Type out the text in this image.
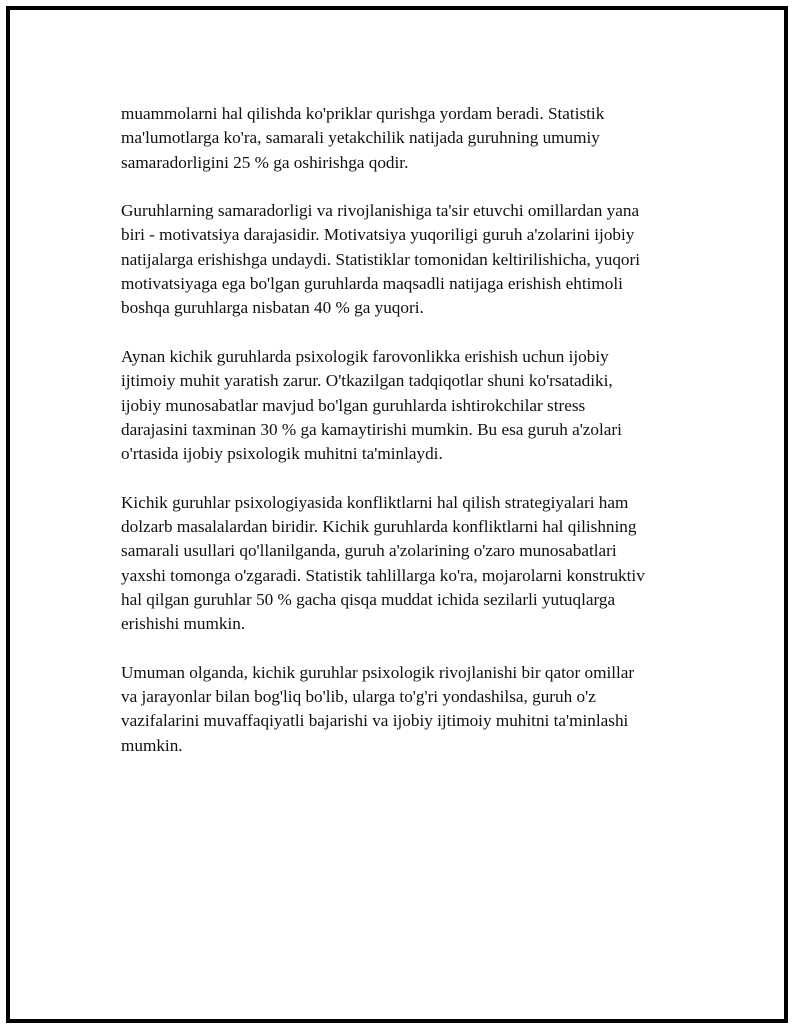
muammolarni hal qilishda ko'priklar qurishga yordam beradi. Statistik
ma'lumotlarga ko'ra, samarali yetakchilik natijada guruhning umumiy
samaradorligini 25 % ga oshirishga qodir.

Guruhlarning samaradorligi va rivojlanishiga ta'sir etuvchi omillardan yana
biri - motivatsiya darajasidir. Motivatsiya yuqoriligi guruh a'zolarini ijobiy
natijalarga erishishga undaydi. Statistiklar tomonidan keltirilishicha, yuqori
motivatsiyaga ega bo'lgan guruhlarda maqsadli natijaga erishish ehtimoli
boshqa guruhlarga nisbatan 40 % ga yuqori.

Aynan kichik guruhlarda psixologik farovonlikka erishish uchun ijobiy
ijtimoiy muhit yaratish zarur. O'tkazilgan tadqiqotlar shuni ko'rsatadiki,
ijobiy munosabatlar mavjud bo'lgan guruhlarda ishtirokchilar stress
darajasini taxminan 30 % ga kamaytirishi mumkin. Bu esa guruh a'zolari
o'rtasida ijobiy psixologik muhitni ta'minlaydi.

Kichik guruhlar psixologiyasida konfliktlarni hal qilish strategiyalari ham
dolzarb masalalardan biridir. Kichik guruhlarda konfliktlarni hal qilishning
samarali usullari qo'llanilganda, guruh a'zolarining o'zaro munosabatlari
yaxshi tomonga o'zgaradi. Statistik tahlillarga ko'ra, mojarolarni konstruktiv
hal qilgan guruhlar 50 % gacha qisqa muddat ichida sezilarli yutuqlarga
erishishi mumkin.

Umuman olganda, kichik guruhlar psixologik rivojlanishi bir qator omillar
va jarayonlar bilan bog'liq bo'lib, ularga to'g'ri yondashilsa, guruh o'z
vazifalarini muvaffaqiyatli bajarishi va ijobiy ijtimoiy muhitni ta'minlashi
mumkin.
